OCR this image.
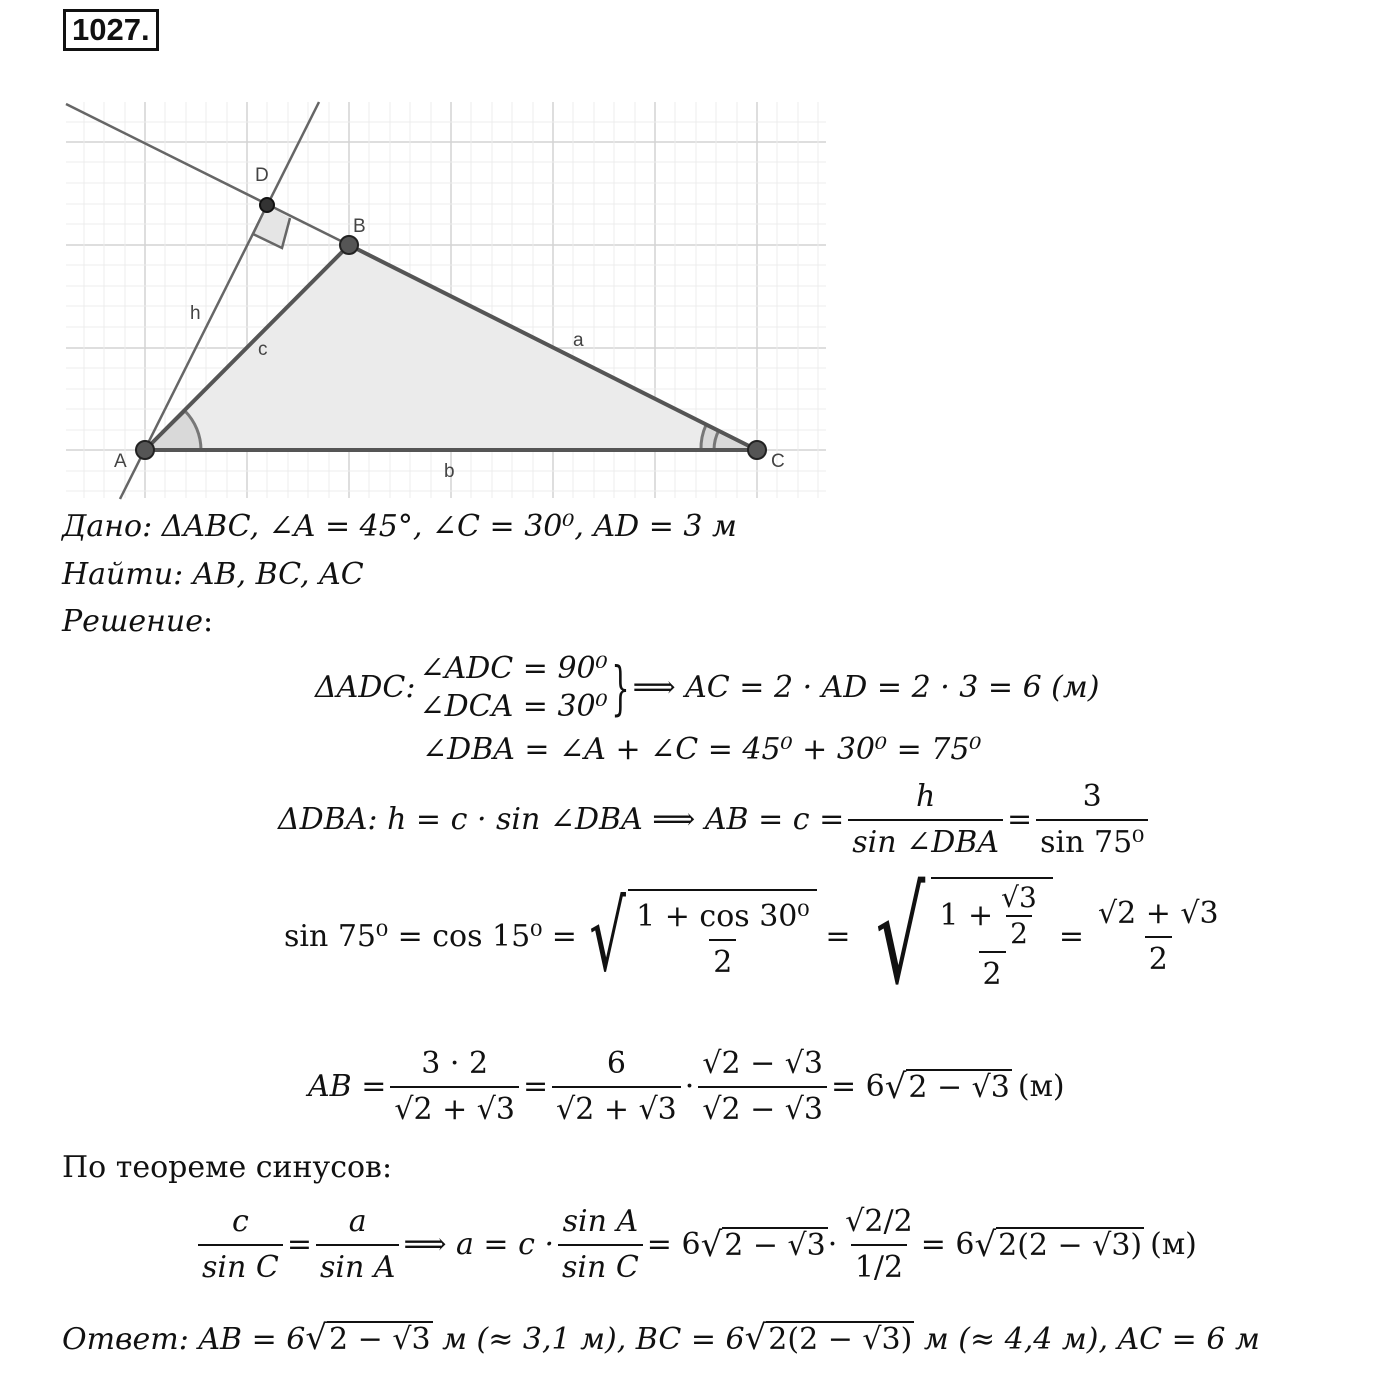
1027.
A
B
C
D
a
b
c
h
Дано: ΔABC, ∠A = 45°, ∠C = 30⁰, AD = 3 м
Найти: AB, BC, AC
Решение:
ΔADC:
∠ADC = 90⁰
∠DCA = 30⁰ } ⟹ AC = 2 · AD = 2 · 3 = 6 (м)
∠DBA = ∠A + ∠C = 45⁰ + 30⁰ = 75⁰
ΔDBA: h = c · sin ∠DBA ⟹ AB = $c = \frac{h}{\text{sin ∠DBA}} = \frac{3}{\text{sin 75⁰}}$
sin 75⁰ = cos 15⁰ = √ $\frac{\text{1 + cos 30⁰}}{2}$ = √ $\frac{1 + \frac{√3}{2}}{2} = \frac{√2 + √3}{2}$
AB = $\frac{3 \cdot 2}{√2 + √3} = \frac{6}{√2 + √3} \cdot \frac{√2 - √3}{√2 - √3} = 6$ √ 2 − √3 (м)
По теореме синусов:
$\frac{c}{\text{sin C}} = \frac{a}{\text{sin A}}$ ⟹ $a = c \cdot \frac{\text{sin A}}{\text{sin C}} = 6$ √ $2 - √3 \cdot \frac{√2/2}{1/2} = 6$ √ 2(2 − √3) (м)
Ответ: AB = 6√2 − √3 м (≈ 3,1 м), BC = 6√2(2 − √3) м (≈ 4,4 м), AC = 6 м
